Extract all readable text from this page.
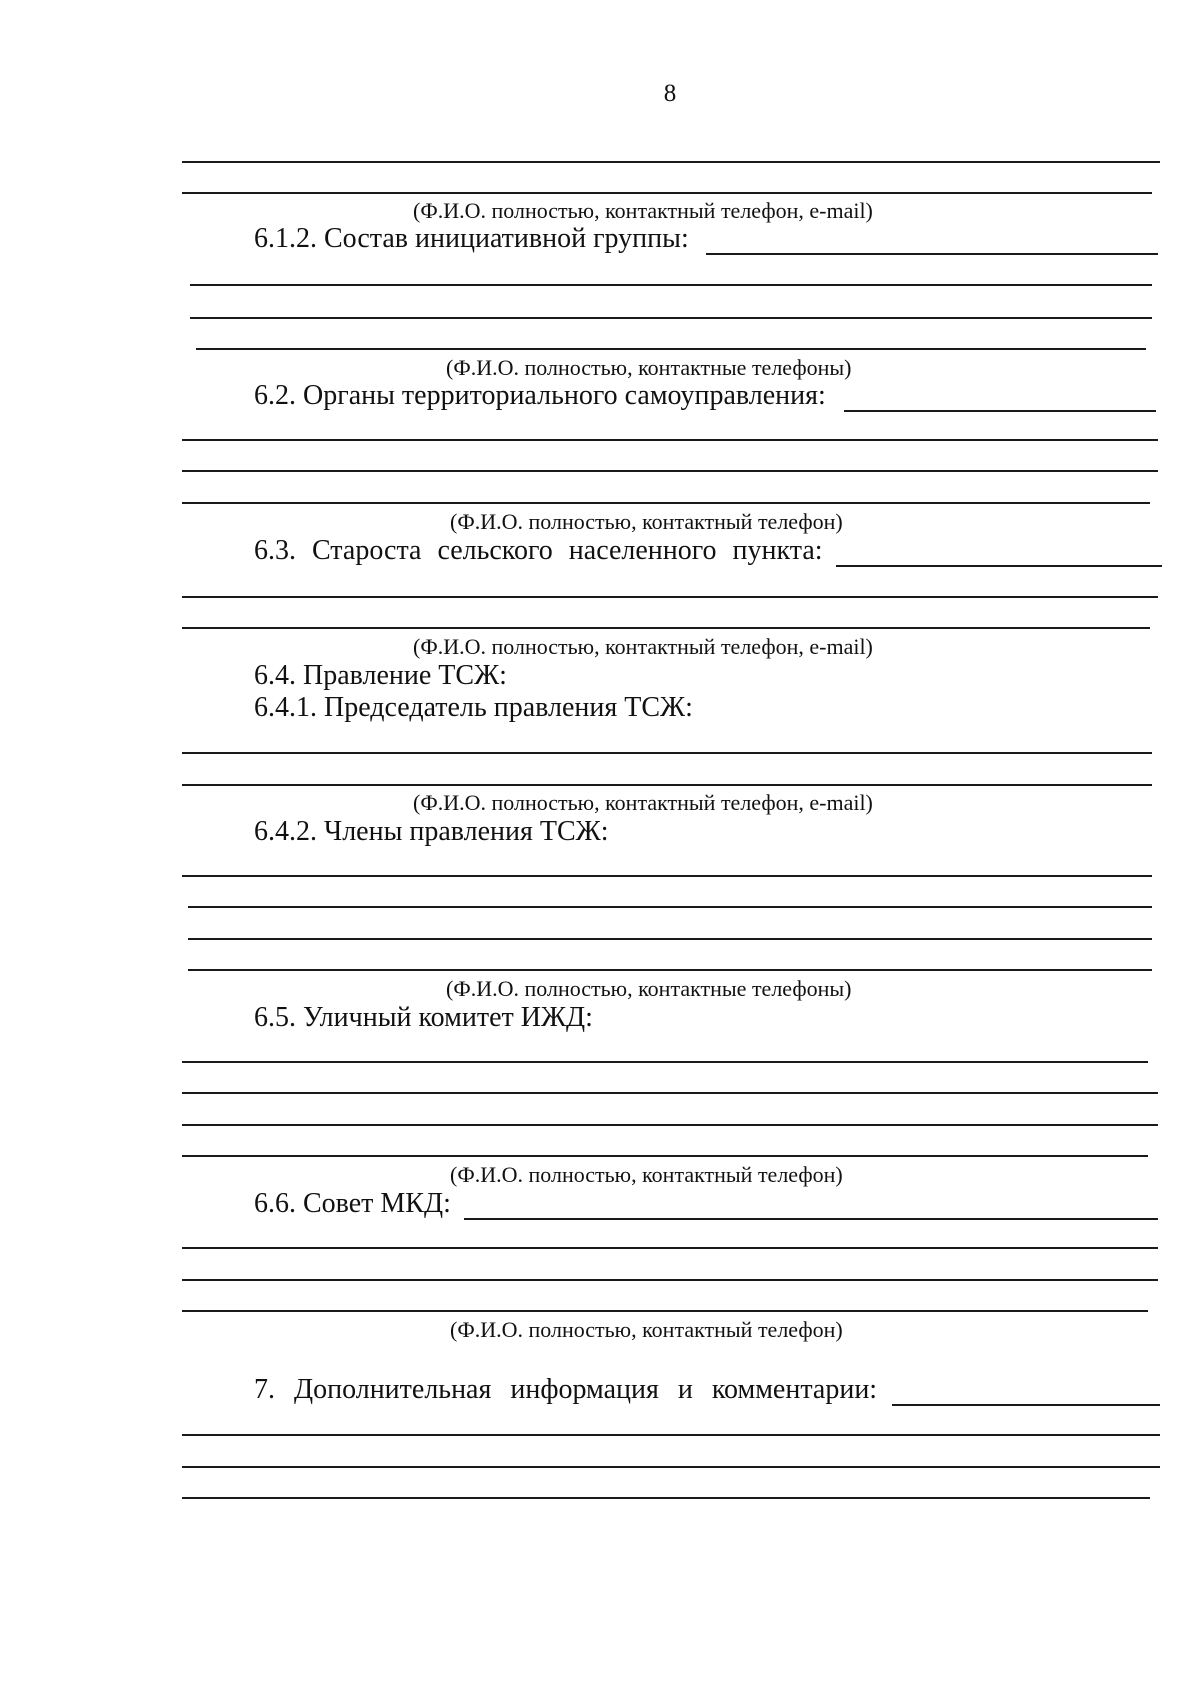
8
(Ф.И.О. полностью, контактный телефон, e-mail)
6.1.2. Состав инициативной группы:
(Ф.И.О. полностью, контактные телефоны)
6.2. Органы территориального самоуправления:
(Ф.И.О. полностью, контактный телефон)
6.3. Староста сельского населенного пункта:
(Ф.И.О. полностью, контактный телефон, e-mail)
6.4. Правление ТСЖ:
6.4.1. Председатель правления ТСЖ:
(Ф.И.О. полностью, контактный телефон, e-mail)
6.4.2. Члены правления ТСЖ:
(Ф.И.О. полностью, контактные телефоны)
6.5. Уличный комитет ИЖД:
(Ф.И.О. полностью, контактный телефон)
6.6. Совет МКД:
(Ф.И.О. полностью, контактный телефон)
7. Дополнительная информация и комментарии:
